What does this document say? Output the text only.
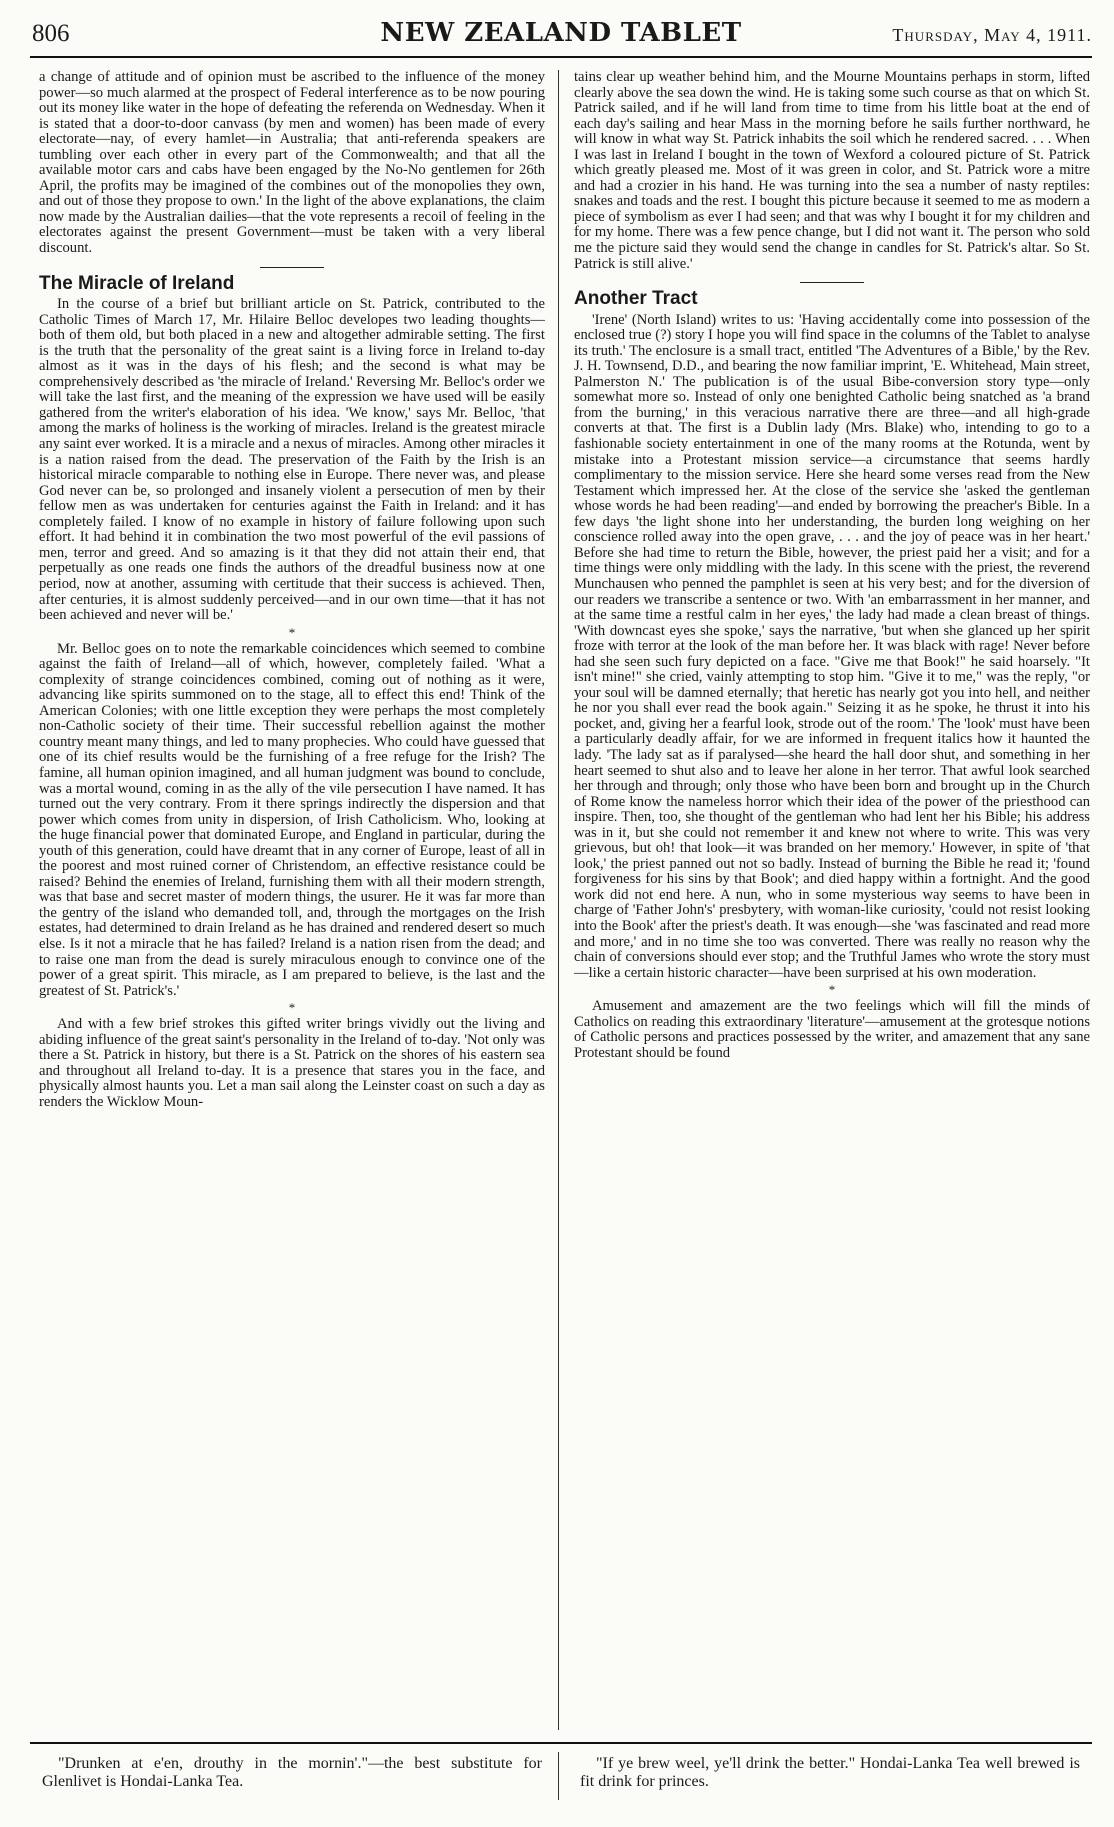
806	NEW ZEALAND TABLET	Thursday, May 4, 1911.

a change of attitude and of opinion must be ascribed to the influence of the money power—so much alarmed at the prospect of Federal interference as to be now pouring out its money like water in the hope of defeating the referenda on Wednesday. When it is stated that a door-to-door canvass (by men and women) has been made of every electorate—nay, of every hamlet—in Australia; that anti-referenda speakers are tumbling over each other in every part of the Commonwealth; and that all the available motor cars and cabs have been engaged by the No-No gentlemen for 26th April, the profits may be imagined of the combines out of the monopolies they own, and out of those they propose to own.' In the light of the above explanations, the claim now made by the Australian dailies—that the vote represents a recoil of feeling in the electorates against the present Government—must be taken with a very liberal discount.

The Miracle of Ireland

In the course of a brief but brilliant article on St. Patrick, contributed to the Catholic Times of March 17, Mr. Hilaire Belloc developes two leading thoughts—both of them old, but both placed in a new and altogether admirable setting. The first is the truth that the personality of the great saint is a living force in Ireland to-day almost as it was in the days of his flesh; and the second is what may be comprehensively described as 'the miracle of Ireland.' Reversing Mr. Belloc's order we will take the last first, and the meaning of the expression we have used will be easily gathered from the writer's elaboration of his idea. 'We know,' says Mr. Belloc, 'that among the marks of holiness is the working of miracles. Ireland is the greatest miracle any saint ever worked. It is a miracle and a nexus of miracles. Among other miracles it is a nation raised from the dead. The preservation of the Faith by the Irish is an historical miracle comparable to nothing else in Europe. There never was, and please God never can be, so prolonged and insanely violent a persecution of men by their fellow men as was undertaken for centuries against the Faith in Ireland: and it has completely failed. I know of no example in history of failure following upon such effort. It had behind it in combination the two most powerful of the evil passions of men, terror and greed. And so amazing is it that they did not attain their end, that perpetually as one reads one finds the authors of the dreadful business now at one period, now at another, assuming with certitude that their success is achieved. Then, after centuries, it is almost suddenly perceived—and in our own time—that it has not been achieved and never will be.'

*

Mr. Belloc goes on to note the remarkable coincidences which seemed to combine against the faith of Ireland—all of which, however, completely failed. 'What a complexity of strange coincidences combined, coming out of nothing as it were, advancing like spirits summoned on to the stage, all to effect this end! Think of the American Colonies; with one little exception they were perhaps the most completely non-Catholic society of their time. Their successful rebellion against the mother country meant many things, and led to many prophecies. Who could have guessed that one of its chief results would be the furnishing of a free refuge for the Irish? The famine, all human opinion imagined, and all human judgment was bound to conclude, was a mortal wound, coming in as the ally of the vile persecution I have named. It has turned out the very contrary. From it there springs indirectly the dispersion and that power which comes from unity in dispersion, of Irish Catholicism. Who, looking at the huge financial power that dominated Europe, and England in particular, during the youth of this generation, could have dreamt that in any corner of Europe, least of all in the poorest and most ruined corner of Christendom, an effective resistance could be raised? Behind the enemies of Ireland, furnishing them with all their modern strength, was that base and secret master of modern things, the usurer. He it was far more than the gentry of the island who demanded toll, and, through the mortgages on the Irish estates, had determined to drain Ireland as he has drained and rendered desert so much else. Is it not a miracle that he has failed? Ireland is a nation risen from the dead; and to raise one man from the dead is surely miraculous enough to convince one of the power of a great spirit. This miracle, as I am prepared to believe, is the last and the greatest of St. Patrick's.'

*

And with a few brief strokes this gifted writer brings vividly out the living and abiding influence of the great saint's personality in the Ireland of to-day. 'Not only was there a St. Patrick in history, but there is a St. Patrick on the shores of his eastern sea and throughout all Ireland to-day. It is a presence that stares you in the face, and physically almost haunts you. Let a man sail along the Leinster coast on such a day as renders the Wicklow Moun-

tains clear up weather behind him, and the Mourne Mountains perhaps in storm, lifted clearly above the sea down the wind. He is taking some such course as that on which St. Patrick sailed, and if he will land from time to time from his little boat at the end of each day's sailing and hear Mass in the morning before he sails further northward, he will know in what way St. Patrick inhabits the soil which he rendered sacred. . . . When I was last in Ireland I bought in the town of Wexford a coloured picture of St. Patrick which greatly pleased me. Most of it was green in color, and St. Patrick wore a mitre and had a crozier in his hand. He was turning into the sea a number of nasty reptiles: snakes and toads and the rest. I bought this picture because it seemed to me as modern a piece of symbolism as ever I had seen; and that was why I bought it for my children and for my home. There was a few pence change, but I did not want it. The person who sold me the picture said they would send the change in candles for St. Patrick's altar. So St. Patrick is still alive.'

Another Tract

'Irene' (North Island) writes to us: 'Having accidentally come into possession of the enclosed true (?) story I hope you will find space in the columns of the Tablet to analyse its truth.' The enclosure is a small tract, entitled 'The Adventures of a Bible,' by the Rev. J. H. Townsend, D.D., and bearing the now familiar imprint, 'E. Whitehead, Main street, Palmerston N.' The publication is of the usual Bibe-conversion story type—only somewhat more so. Instead of only one benighted Catholic being snatched as 'a brand from the burning,' in this veracious narrative there are three—and all high-grade converts at that. The first is a Dublin lady (Mrs. Blake) who, intending to go to a fashionable society entertainment in one of the many rooms at the Rotunda, went by mistake into a Protestant mission service—a circumstance that seems hardly complimentary to the mission service. Here she heard some verses read from the New Testament which impressed her. At the close of the service she 'asked the gentleman whose words he had been reading'—and ended by borrowing the preacher's Bible. In a few days 'the light shone into her understanding, the burden long weighing on her conscience rolled away into the open grave, . . . and the joy of peace was in her heart.' Before she had time to return the Bible, however, the priest paid her a visit; and for a time things were only middling with the lady. In this scene with the priest, the reverend Munchausen who penned the pamphlet is seen at his very best; and for the diversion of our readers we transcribe a sentence or two. With 'an embarrassment in her manner, and at the same time a restful calm in her eyes,' the lady had made a clean breast of things. 'With downcast eyes she spoke,' says the narrative, 'but when she glanced up her spirit froze with terror at the look of the man before her. It was black with rage! Never before had she seen such fury depicted on a face. "Give me that Book!" he said hoarsely. "It isn't mine!" she cried, vainly attempting to stop him. "Give it to me," was the reply, "or your soul will be damned eternally; that heretic has nearly got you into hell, and neither he nor you shall ever read the book again." Seizing it as he spoke, he thrust it into his pocket, and, giving her a fearful look, strode out of the room.' The 'look' must have been a particularly deadly affair, for we are informed in frequent italics how it haunted the lady. 'The lady sat as if paralysed—she heard the hall door shut, and something in her heart seemed to shut also and to leave her alone in her terror. That awful look searched her through and through; only those who have been born and brought up in the Church of Rome know the nameless horror which their idea of the power of the priesthood can inspire. Then, too, she thought of the gentleman who had lent her his Bible; his address was in it, but she could not remember it and knew not where to write. This was very grievous, but oh! that look—it was branded on her memory.' However, in spite of 'that look,' the priest panned out not so badly. Instead of burning the Bible he read it; 'found forgiveness for his sins by that Book'; and died happy within a fortnight. And the good work did not end here. A nun, who in some mysterious way seems to have been in charge of 'Father John's' presbytery, with woman-like curiosity, 'could not resist looking into the Book' after the priest's death. It was enough—she 'was fascinated and read more and more,' and in no time she too was converted. There was really no reason why the chain of conversions should ever stop; and the Truthful James who wrote the story must—like a certain historic character—have been surprised at his own moderation.

*

Amusement and amazement are the two feelings which will fill the minds of Catholics on reading this extraordinary 'literature'—amusement at the grotesque notions of Catholic persons and practices possessed by the writer, and amazement that any sane Protestant should be found

"Drunken at e'en, drouthy in the mornin'."—the best substitute for Glenlivet is Hondai-Lanka Tea.

"If ye brew weel, ye'll drink the better." Hondai-Lanka Tea well brewed is fit drink for princes.
